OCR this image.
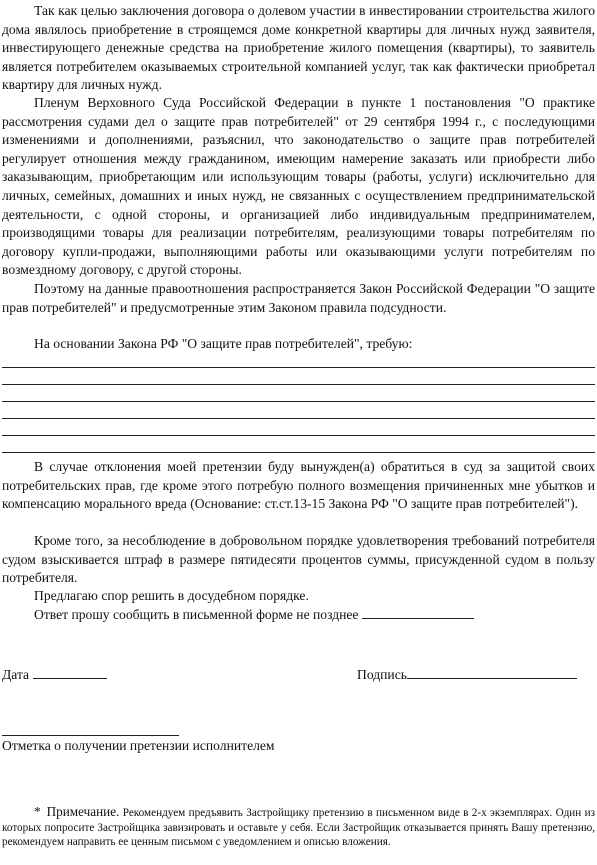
Так как целью заключения договора о долевом участии в инвестировании строительства жилого дома являлось приобретение в строящемся доме конкретной квартиры для личных нужд заявителя, инвестирующего денежные средства на приобретение жилого помещения (квартиры), то заявитель является потребителем оказываемых строительной компанией услуг, так как фактически приобретал квартиру для личных нужд.

Пленум Верховного Суда Российской Федерации в пункте 1 постановления "О практике рассмотрения судами дел о защите прав потребителей" от 29 сентября 1994 г., с последующими изменениями и дополнениями, разъяснил, что законодательство о защите прав потребителей регулирует отношения между гражданином, имеющим намерение заказать или приобрести либо заказывающим, приобретающим или использующим товары (работы, услуги) исключительно для личных, семейных, домашних и иных нужд, не связанных с осуществлением предпринимательской деятельности, с одной стороны, и организацией либо индивидуальным предпринимателем, производящими товары для реализации потребителям, реализующими товары потребителям по договору купли-продажи, выполняющими работы или оказывающими услуги потребителям по возмездному договору, с другой стороны.

Поэтому на данные правоотношения распространяется Закон Российской Федерации "О защите прав потребителей" и предусмотренные этим Законом правила подсудности.

На основании Закона РФ "О защите прав потребителей", требую:

В случае отклонения моей претензии буду вынужден(а) обратиться в суд за защитой своих потребительских прав, где кроме этого потребую полного возмещения причиненных мне убытков и компенсацию морального вреда (Основание: ст.ст.13-15 Закона РФ "О защите прав потребителей").

Кроме того, за несоблюдение в добровольном порядке удовлетворения требований потребителя судом взыскивается штраф в размере пятидесяти процентов суммы, присужденной судом в пользу потребителя.

Предлагаю спор решить в досудебном порядке.

Ответ прошу сообщить в письменной форме не позднее

Дата	Подпись
Отметка о получении претензии исполнителем

* Примечание. Рекомендуем предъявить Застройщику претензию в письменном виде в 2-х экземплярах. Один из которых попросите Застройщика завизировать и оставьте у себя. Если Застройщик отказывается принять Вашу претензию, рекомендуем направить ее ценным письмом с уведомлением и описью вложения.
